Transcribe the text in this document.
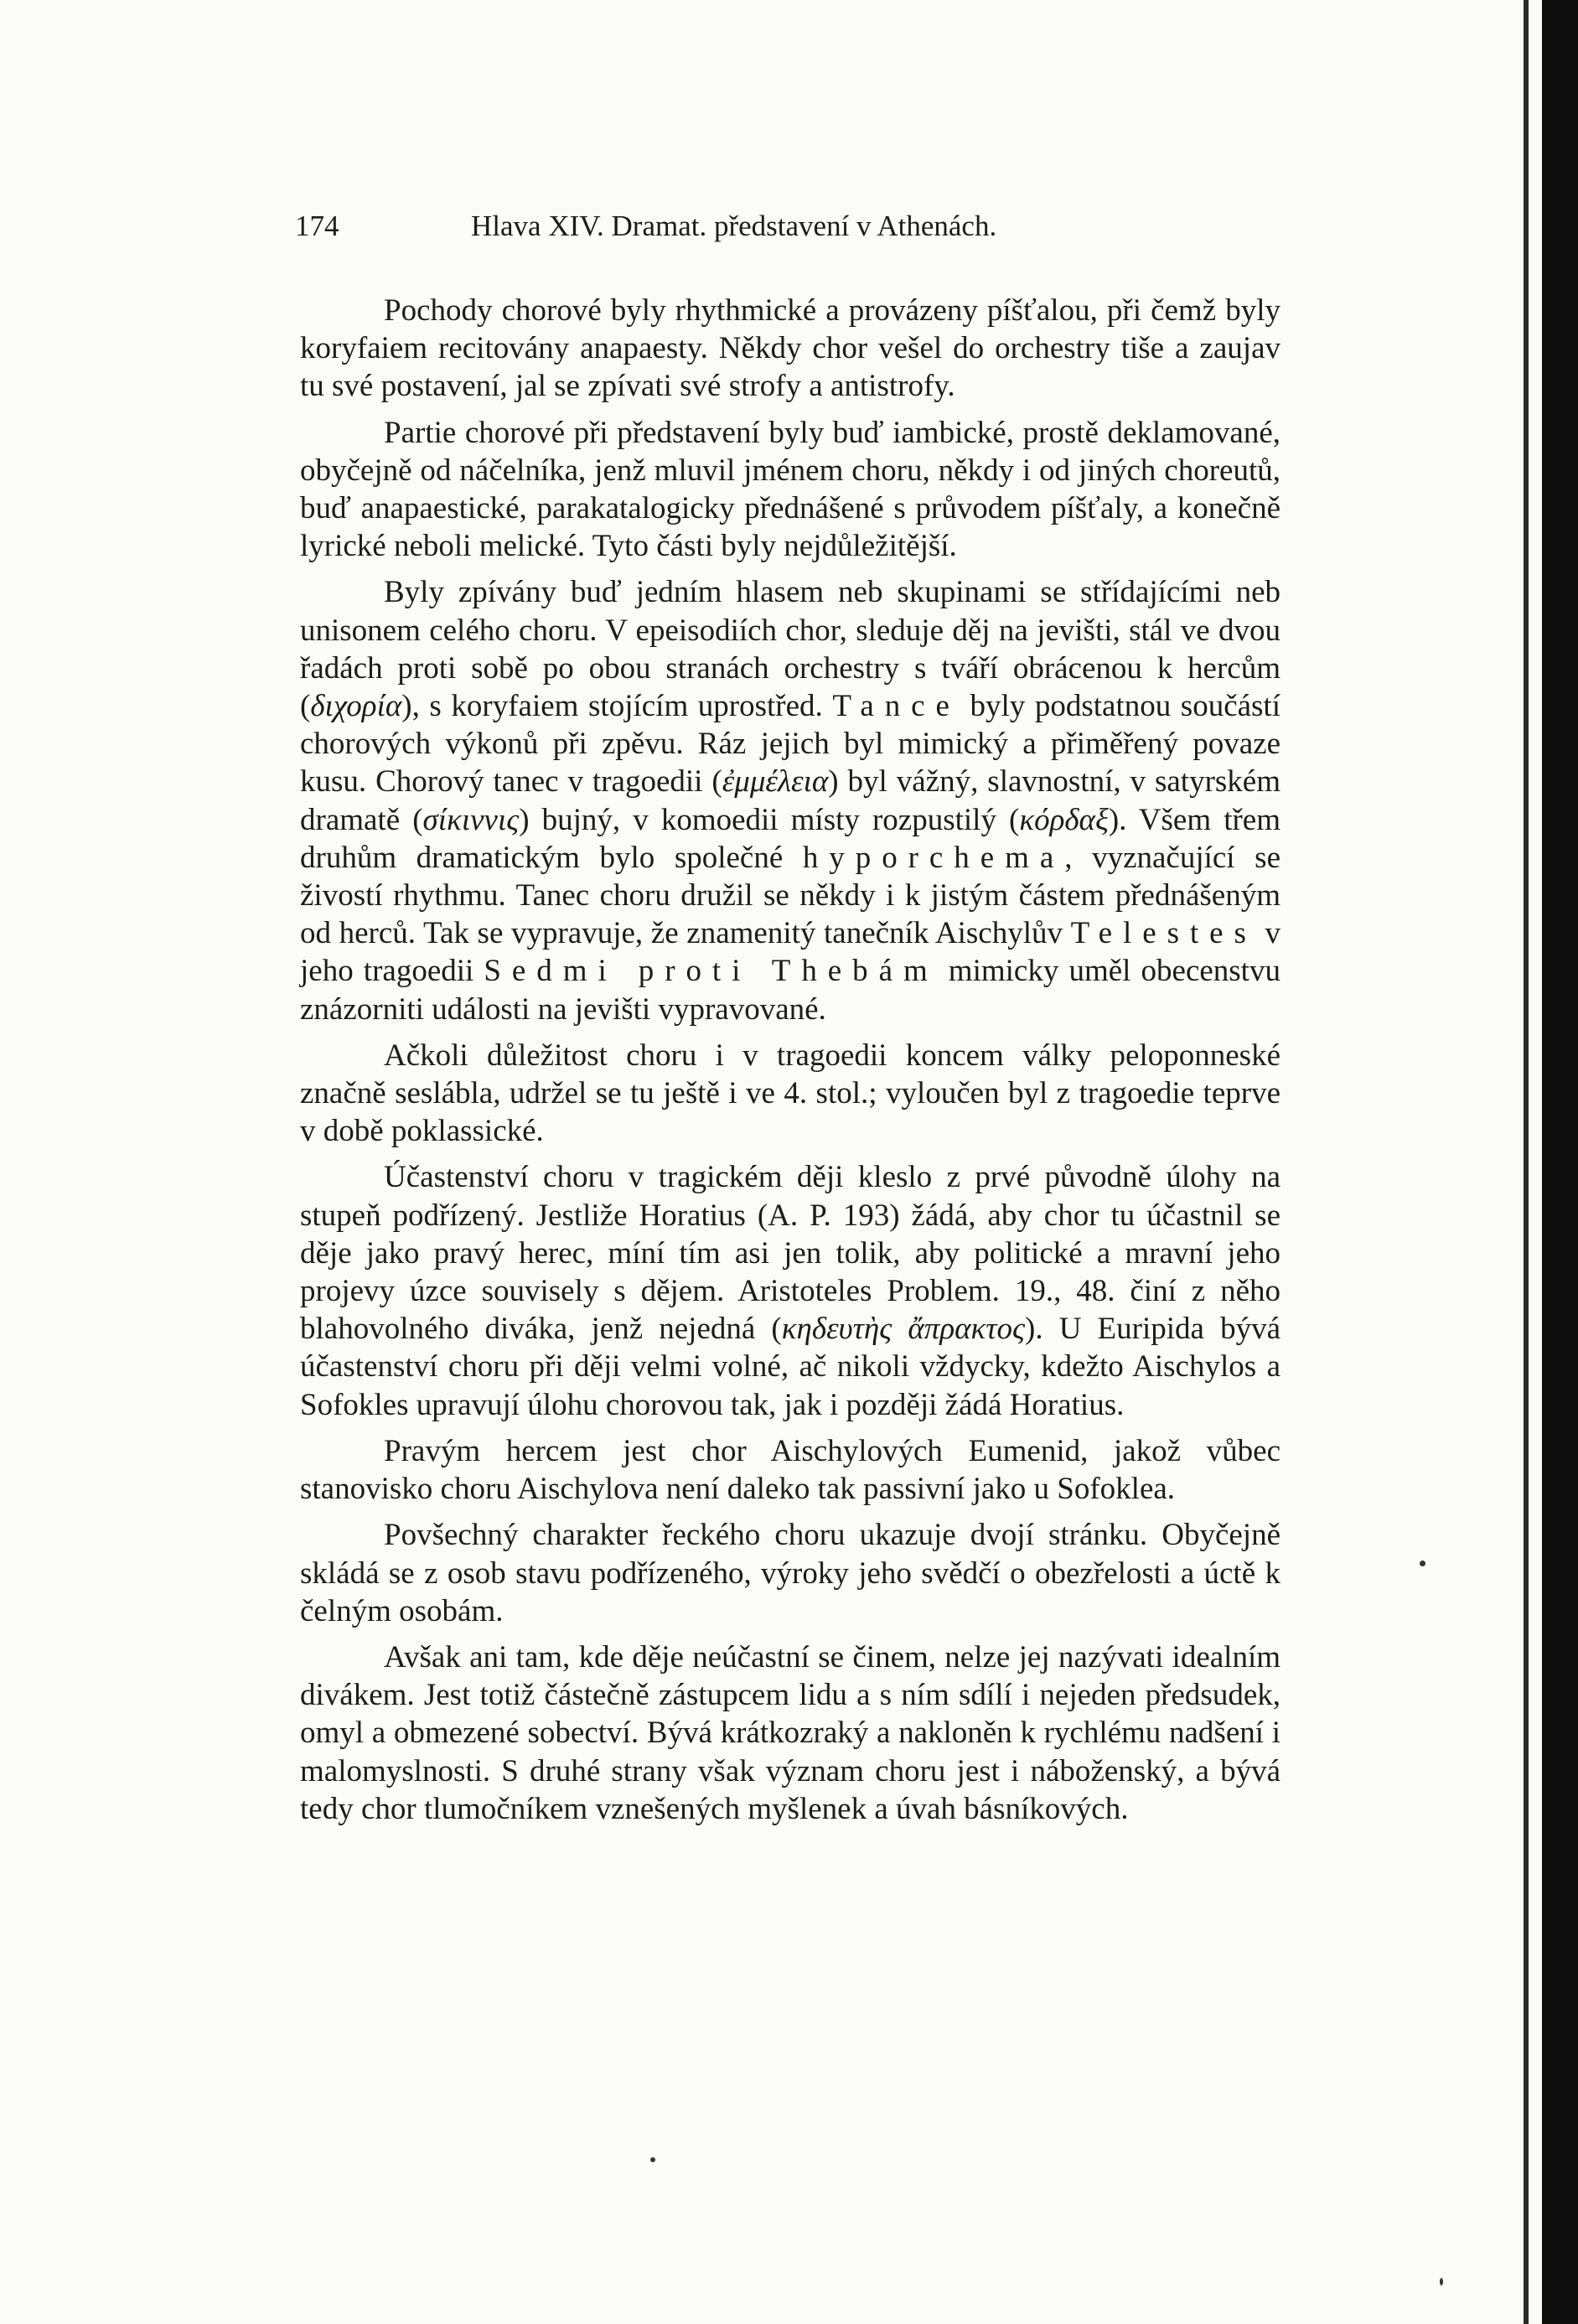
174	Hlava XIV. Dramat. představení v Athenách.

Pochody chorové byly rhythmické a provázeny píšťalou, při čemž byly koryfaiem recitovány anapaesty. Někdy chor vešel do orchestry tiše a zaujav tu své postavení, jal se zpívati své strofy a antistrofy.

Partie chorové při představení byly buď iambické, prostě deklamované, obyčejně od náčelníka, jenž mluvil jménem choru, někdy i od jiných choreutů, buď anapaestické, parakatalogicky přednášené s průvodem píšťaly, a konečně lyrické neboli melické. Tyto části byly nejdůležitější.

Byly zpívány buď jedním hlasem neb skupinami se střídajícími neb unisonem celého choru. V epeisodiích chor, sleduje děj na jevišti, stál ve dvou řadách proti sobě po obou stranách orchestry s tváří obrácenou k hercům (διχορία), s koryfaiem stojícím uprostřed. Tance byly podstatnou součástí chorových výkonů při zpěvu. Ráz jejich byl mimický a přiměřený povaze kusu. Chorový tanec v tragoedii (ἐμμέλεια) byl vážný, slavnostní, v satyrském dramatě (σίκιννις) bujný, v komoedii místy rozpustilý (κόρδαξ). Všem třem druhům dramatickým bylo společné hyporchema, vyznačující se živostí rhythmu. Tanec choru družil se někdy i k jistým částem přednášeným od herců. Tak se vypravuje, že znamenitý tanečník Aischylův Telestes v jeho tragoedii Sedmi proti Thebám mimicky uměl obecenstvu znázorniti události na jevišti vypravované.

Ačkoli důležitost choru i v tragoedii koncem války peloponneské značně seslábla, udržel se tu ještě i ve 4. stol.; vyloučen byl z tragoedie teprve v době poklassické.

Účastenství choru v tragickém ději kleslo z prvé původně úlohy na stupeň podřízený. Jestliže Horatius (A. P. 193) žádá, aby chor tu účastnil se děje jako pravý herec, míní tím asi jen tolik, aby politické a mravní jeho projevy úzce souvisely s dějem. Aristoteles Problem. 19., 48. činí z něho blahovolného diváka, jenž nejedná (κηδευτὴς ἄπρακτος). U Euripida bývá účastenství choru při ději velmi volné, ač nikoli vždycky, kdežto Aischylos a Sofokles upravují úlohu chorovou tak, jak i později žádá Horatius.

Pravým hercem jest chor Aischylových Eumenid, jakož vůbec stanovisko choru Aischylova není daleko tak passivní jako u Sofoklea.

Povšechný charakter řeckého choru ukazuje dvojí stránku. Obyčejně skládá se z osob stavu podřízeného, výroky jeho svědčí o obezřelosti a úctě k čelným osobám.

Avšak ani tam, kde děje neúčastní se činem, nelze jej nazývati idealním divákem. Jest totiž částečně zástupcem lidu a s ním sdílí i nejeden předsudek, omyl a obmezené sobectví. Bývá krátkozraký a nakloněn k rychlému nadšení i malomyslnosti. S druhé strany však význam choru jest i náboženský, a bývá tedy chor tlumočníkem vznešených myšlenek a úvah básníkových.
